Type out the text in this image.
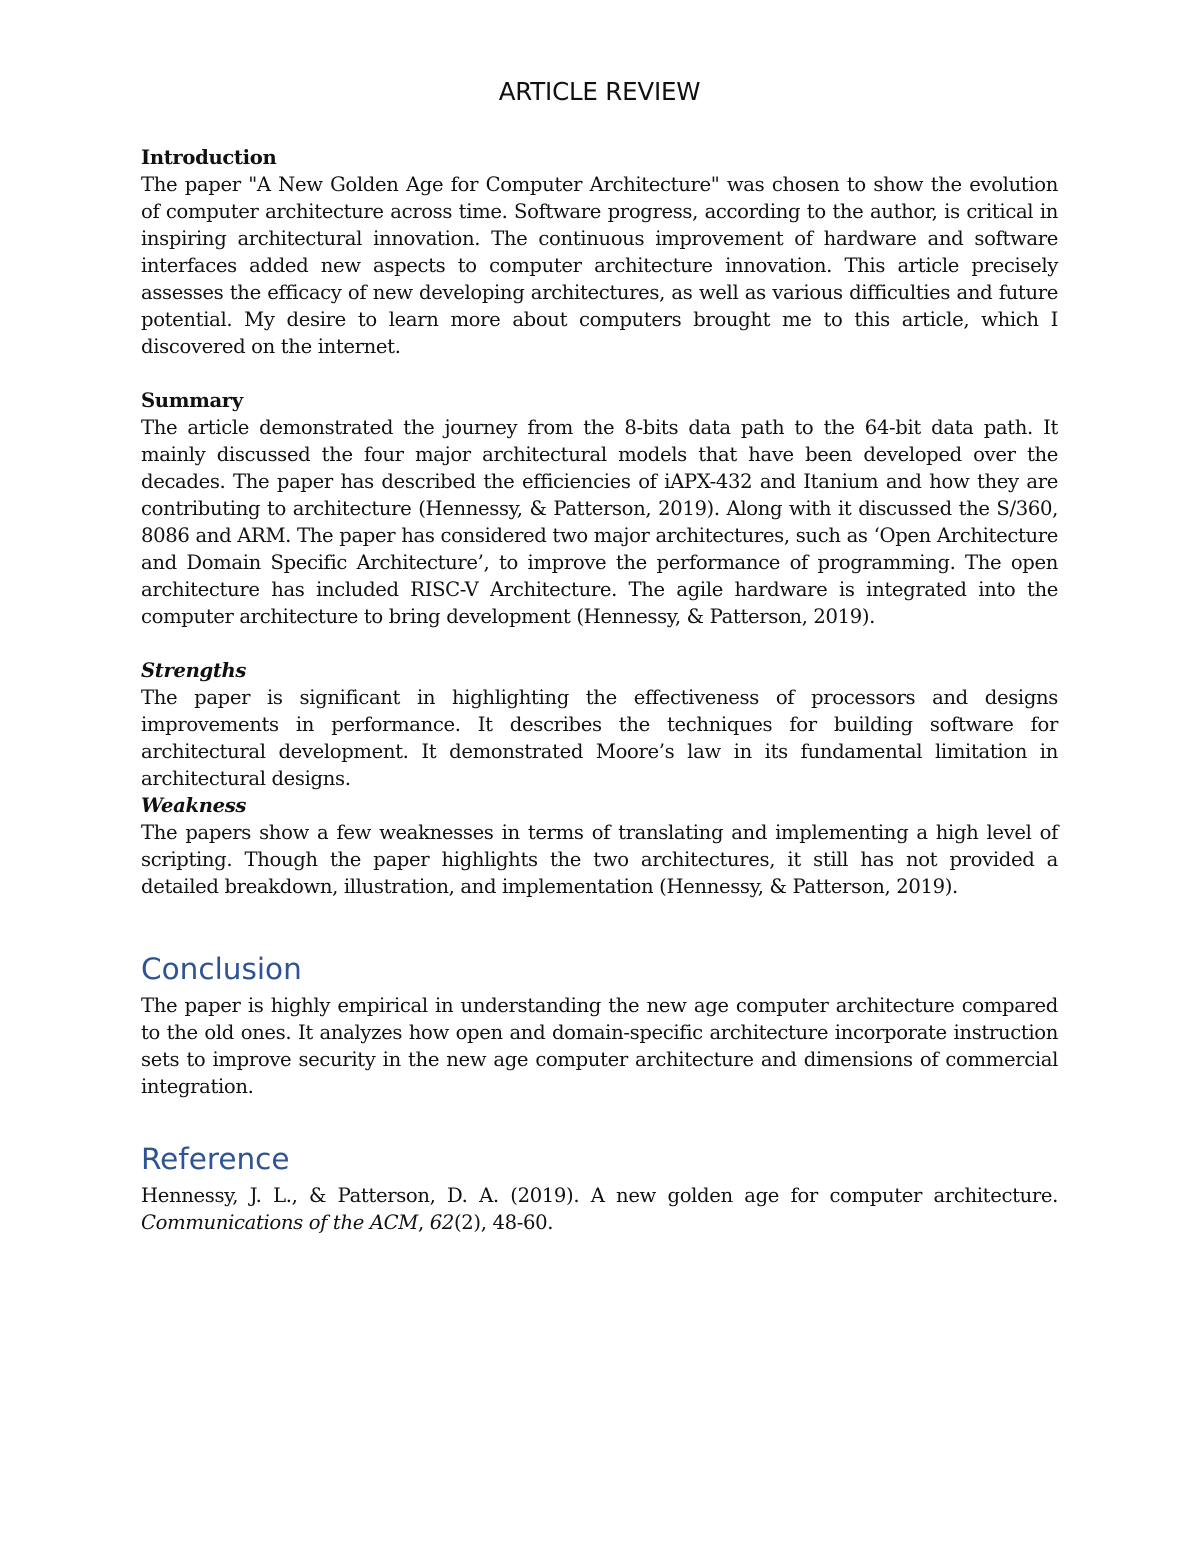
ARTICLE REVIEW

Introduction

The paper "A New Golden Age for Computer Architecture" was chosen to show the evolution of computer architecture across time. Software progress, according to the author, is critical in inspiring architectural innovation. The continuous improvement of hardware and software interfaces added new aspects to computer architecture innovation. This article precisely assesses the efficacy of new developing architectures, as well as various difficulties and future potential. My desire to learn more about computers brought me to this article, which I discovered on the internet.

Summary

The article demonstrated the journey from the 8-bits data path to the 64-bit data path. It mainly discussed the four major architectural models that have been developed over the decades. The paper has described the efficiencies of iAPX-432 and Itanium and how they are contributing to architecture (Hennessy, & Patterson, 2019). Along with it discussed the S/360, 8086 and ARM. The paper has considered two major architectures, such as ‘Open Architecture and Domain Specific Architecture’, to improve the performance of programming. The open architecture has included RISC-V Architecture. The agile hardware is integrated into the computer architecture to bring development (Hennessy, & Patterson, 2019).

Strengths

The paper is significant in highlighting the effectiveness of processors and designs improvements in performance. It describes the techniques for building software for architectural development. It demonstrated Moore’s law in its fundamental limitation in architectural designs.

Weakness

The papers show a few weaknesses in terms of translating and implementing a high level of scripting. Though the paper highlights the two architectures, it still has not provided a detailed breakdown, illustration, and implementation (Hennessy, & Patterson, 2019).

Conclusion

The paper is highly empirical in understanding the new age computer architecture compared to the old ones. It analyzes how open and domain-specific architecture incorporate instruction sets to improve security in the new age computer architecture and dimensions of commercial integration.

Reference

Hennessy, J. L., & Patterson, D. A. (2019). A new golden age for computer architecture. Communications of the ACM, 62(2), 48-60.
